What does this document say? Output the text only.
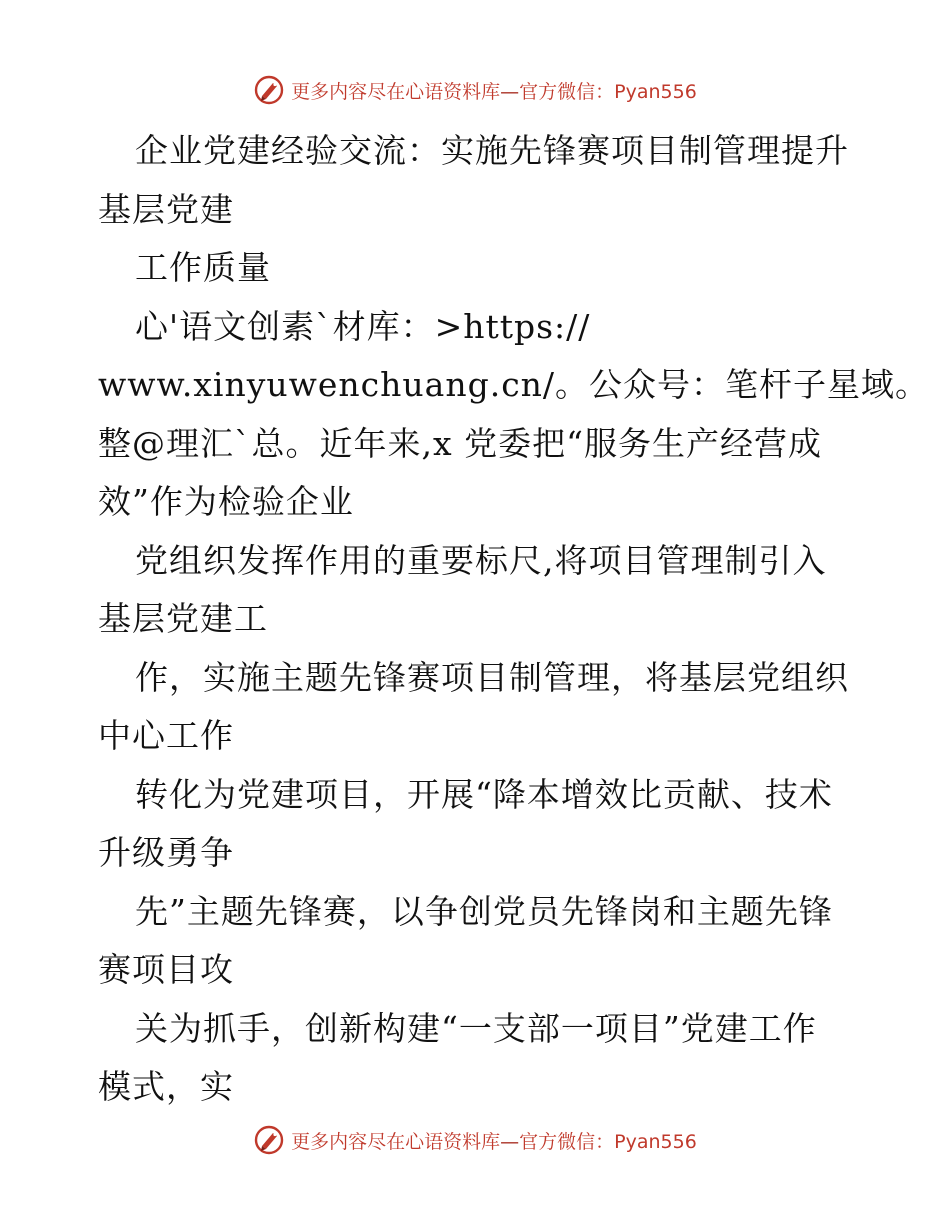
更多内容尽在心语资料库—官方微信：Pyan556
企业党建经验交流：实施先锋赛项目制管理提升
基层党建
工作质量
心'语文创素`材库：>https://
www.xinyuwenchuang.cn/。公众号：笔杆子星域。
整@理汇`总。近年来,x 党委把“服务生产经营成
效”作为检验企业
党组织发挥作用的重要标尺,将项目管理制引入
基层党建工
作，实施主题先锋赛项目制管理，将基层党组织
中心工作
转化为党建项目，开展“降本增效比贡献、技术
升级勇争
先”主题先锋赛，以争创党员先锋岗和主题先锋
赛项目攻
关为抓手，创新构建“一支部一项目”党建工作
模式，实
更多内容尽在心语资料库—官方微信：Pyan556
